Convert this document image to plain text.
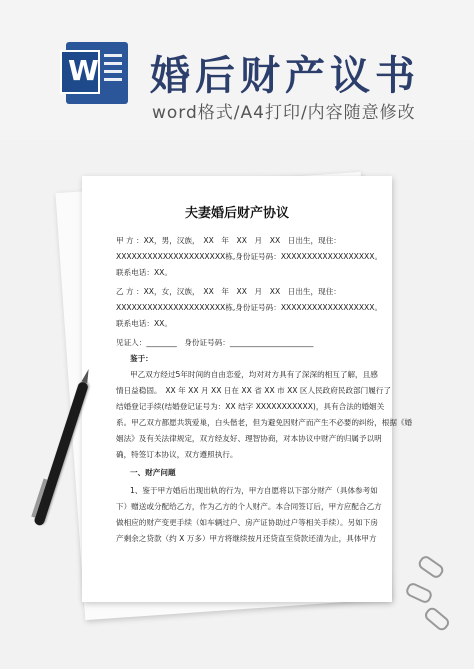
W 婚后财产议书
word格式/A4打印/内容随意修改
夫妻婚后财产协议
甲 方 ：XX，男，汉族，　XX　年　XX　月　XX　日出生，现住：
XXXXXXXXXXXXXXXXXXXXX栋,身份证号码：XXXXXXXXXXXXXXXXXX。
联系电话：XX。
乙 方 ：XX，女，汉族，　XX　年　XX　月　XX　日出生，现住：
XXXXXXXXXXXXXXXXXXXXX栋,身份证号码：XXXXXXXXXXXXXXXXXX。
联系电话：XX。
见证人：________　身份证号码：______________________
鉴于：
甲乙双方经过5年时间的自由恋爱，均对对方具有了深深的相互了解，且感
情日益稳固。　XX 年 XX 月 XX 日在 XX 省 XX 市 XX 区人民政府民政部门履行了
结婚登记手续(结婚登记证号为：XX 结字 XXXXXXXXXXX)，具有合法的婚姻关
系。甲乙双方都愿共筑爱巢，白头偕老，但为避免因财产而产生不必要的纠纷，根据《婚
姻法》及有关法律规定，双方经友好、理智协商，对本协议中财产的归属予以明
确，特签订本协议，双方遵照执行。
一、财产问题
1、鉴于甲方婚后出现出轨的行为，甲方自愿将以下部分财产（具体参考如
下）赠送或分配给乙方，作为乙方的个人财产。本合同签订后，甲方应配合乙方
做相应的财产变更手续（如车辆过户、房产证协助过户等相关手续）。另如下房
产剩余之贷款（约 X 万多）甲方将继续按月还贷直至贷款还清为止，具体甲方
